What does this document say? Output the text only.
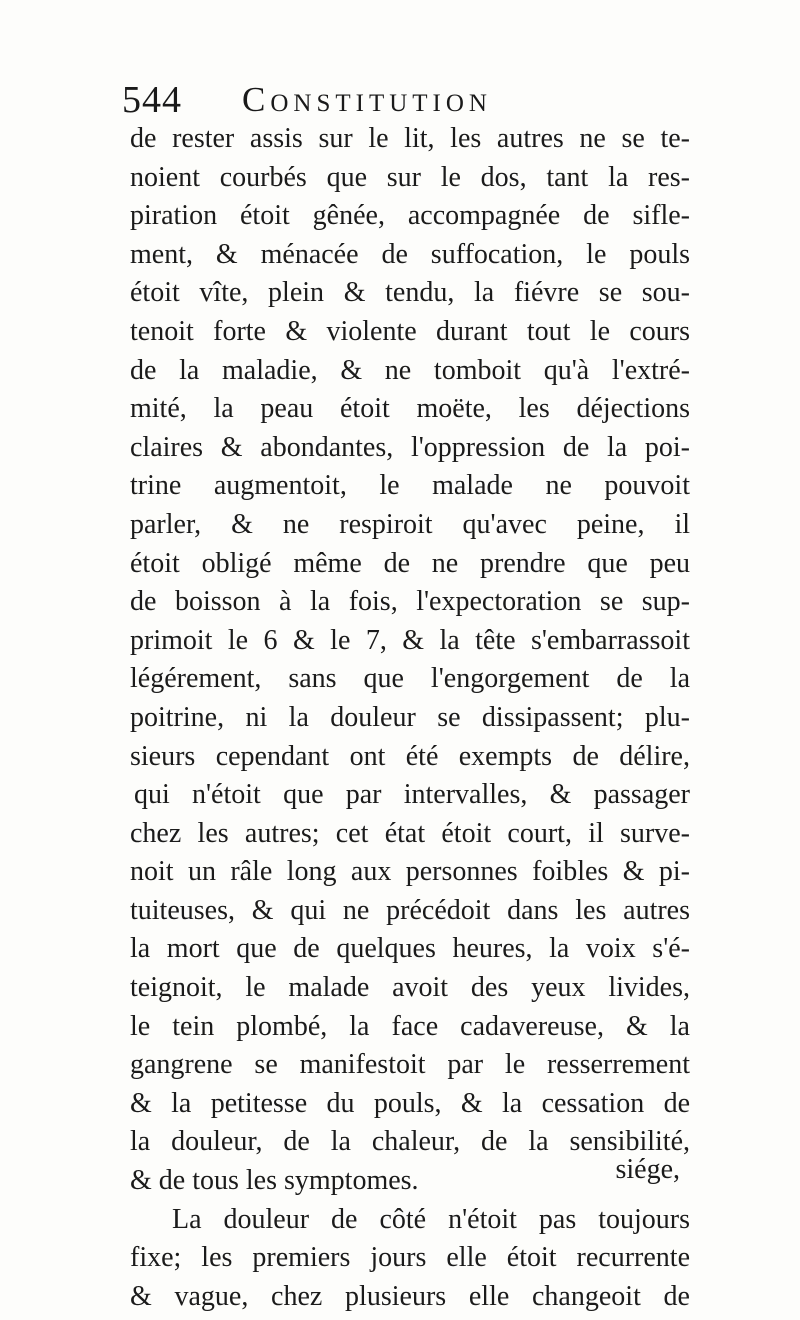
544 Constitution
de rester assis sur le lit, les autres ne se te-
noient courbés que sur le dos, tant la res-
piration étoit gênée, accompagnée de sifle-
ment, & ménacée de suffocation, le pouls
étoit vîte, plein & tendu, la fiévre se sou-
tenoit forte & violente durant tout le cours
de la maladie, & ne tomboit qu'à l'extré-
mité, la peau étoit moëte, les déjections
claires & abondantes, l'oppression de la poi-
trine augmentoit, le malade ne pouvoit
parler, & ne respiroit qu'avec peine, il
étoit obligé même de ne prendre que peu
de boisson à la fois, l'expectoration se sup-
primoit le 6 & le 7, & la tête s'embarrassoit
légérement, sans que l'engorgement de la
poitrine, ni la douleur se dissipassent; plu-
sieurs cependant ont été exempts de délire,
qui n'étoit que par intervalles, & passager
chez les autres; cet état étoit court, il surve-
noit un râle long aux personnes foibles & pi-
tuiteuses, & qui ne précédoit dans les autres
la mort que de quelques heures, la voix s'é-
teignoit, le malade avoit des yeux livides,
le tein plombé, la face cadavereuse, & la
gangrene se manifestoit par le resserrement
& la petitesse du pouls, & la cessation de
la douleur, de la chaleur, de la sensibilité,
& de tous les symptomes.
La douleur de côté n'étoit pas toujours
fixe; les premiers jours elle étoit recurrente
& vague, chez plusieurs elle changeoit de
siége,
